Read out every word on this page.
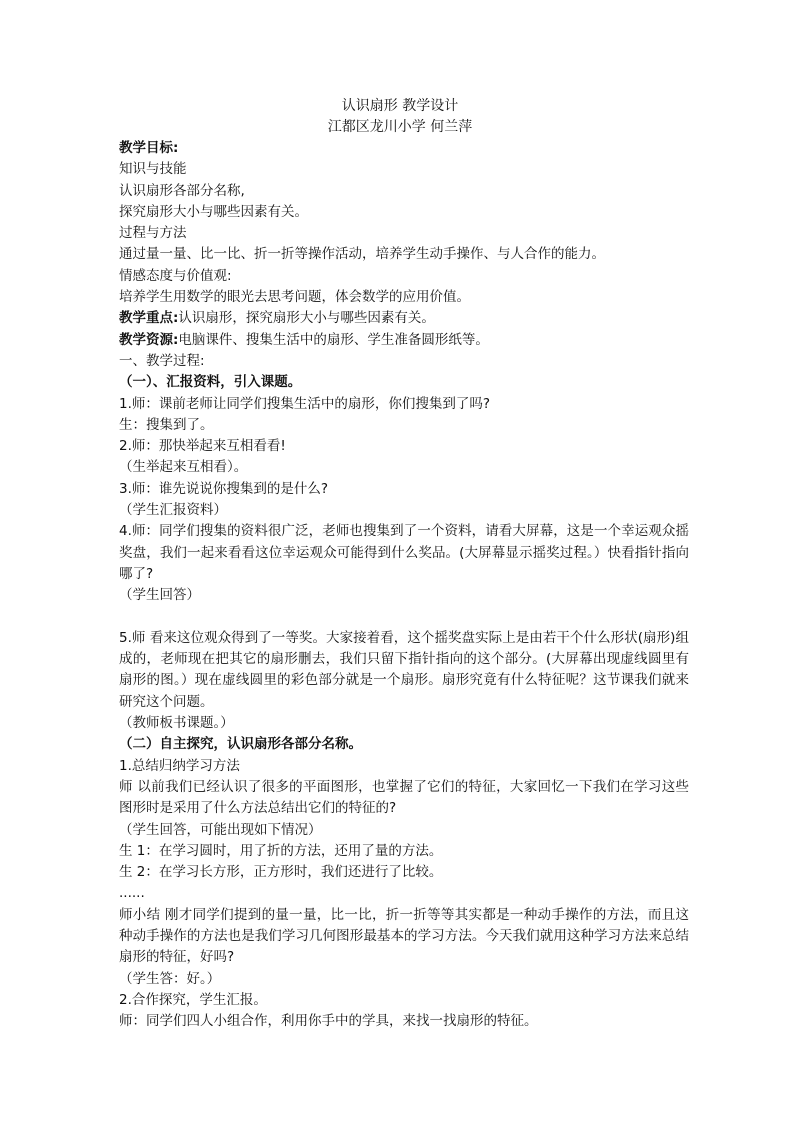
认识扇形 教学设计
江都区龙川小学 何兰萍
教学目标:
知识与技能
认识扇形各部分名称,
探究扇形大小与哪些因素有关。
过程与方法
通过量一量、比一比、折一折等操作活动，培养学生动手操作、与人合作的能力。
情感态度与价值观:
培养学生用数学的眼光去思考问题，体会数学的应用价值。
教学重点:认识扇形，探究扇形大小与哪些因素有关。
教学资源:电脑课件、搜集生活中的扇形、学生准备圆形纸等。
一、教学过程:
（一）、汇报资料，引入课题。
1.师：课前老师让同学们搜集生活中的扇形，你们搜集到了吗?
生：搜集到了。
2.师：那快举起来互相看看!
（生举起来互相看）。
3.师：谁先说说你搜集到的是什么?
（学生汇报资料）
4.师：同学们搜集的资料很广泛，老师也搜集到了一个资料，请看大屏幕，这是一个幸运观众摇奖盘，我们一起来看看这位幸运观众可能得到什么奖品。(大屏幕显示摇奖过程。）快看指针指向哪了?
（学生回答）
5.师 看来这位观众得到了一等奖。大家接着看，这个摇奖盘实际上是由若干个什么形状(扇形)组成的，老师现在把其它的扇形删去，我们只留下指针指向的这个部分。(大屏幕出现虚线圆里有扇形的图。）现在虚线圆里的彩色部分就是一个扇形。扇形究竟有什么特征呢？这节课我们就来研究这个问题。
（教师板书课题。）
（二）自主探究，认识扇形各部分名称。
1.总结归纳学习方法
师 以前我们已经认识了很多的平面图形，也掌握了它们的特征，大家回忆一下我们在学习这些图形时是采用了什么方法总结出它们的特征的?
（学生回答，可能出现如下情况）
生 1：在学习圆时，用了折的方法，还用了量的方法。
生 2：在学习长方形，正方形时，我们还进行了比较。
......
师小结 刚才同学们提到的量一量，比一比，折一折等等其实都是一种动手操作的方法，而且这种动手操作的方法也是我们学习几何图形最基本的学习方法。今天我们就用这种学习方法来总结扇形的特征，好吗?
（学生答：好。）
2.合作探究，学生汇报。
师：同学们四人小组合作，利用你手中的学具，来找一找扇形的特征。
